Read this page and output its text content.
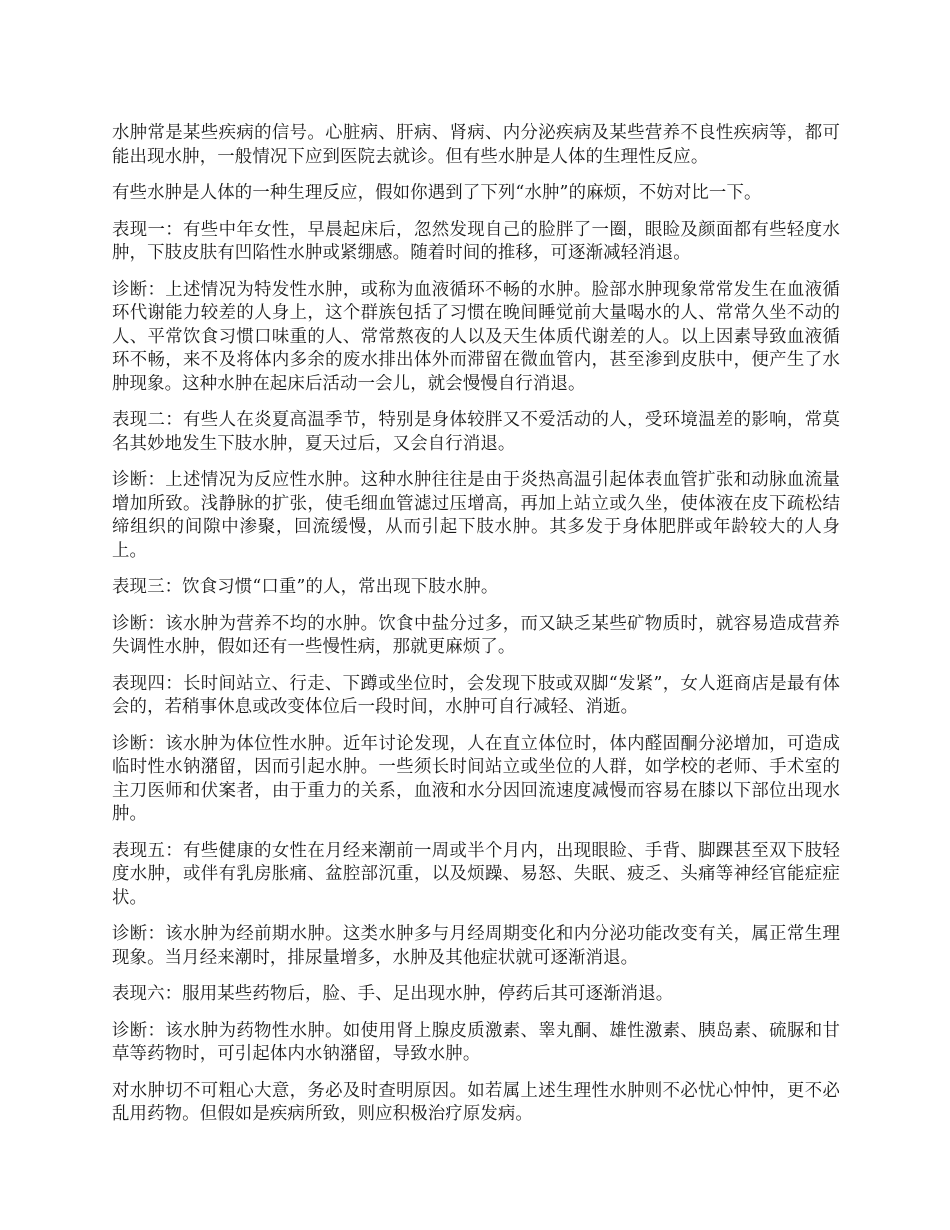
水肿常是某些疾病的信号。心脏病、肝病、肾病、内分泌疾病及某些营养不良性疾病等，都可能出现水肿，一般情况下应到医院去就诊。但有些水肿是人体的生理性反应。

有些水肿是人体的一种生理反应，假如你遇到了下列“水肿”的麻烦，不妨对比一下。

表现一：有些中年女性，早晨起床后，忽然发现自己的脸胖了一圈，眼睑及颜面都有些轻度水肿，下肢皮肤有凹陷性水肿或紧绷感。随着时间的推移，可逐渐减轻消退。

诊断：上述情况为特发性水肿，或称为血液循环不畅的水肿。脸部水肿现象常常发生在血液循环代谢能力较差的人身上，这个群族包括了习惯在晚间睡觉前大量喝水的人、常常久坐不动的人、平常饮食习惯口味重的人、常常熬夜的人以及天生体质代谢差的人。以上因素导致血液循环不畅，来不及将体内多余的废水排出体外而滞留在微血管内，甚至渗到皮肤中，便产生了水肿现象。这种水肿在起床后活动一会儿，就会慢慢自行消退。

表现二：有些人在炎夏高温季节，特别是身体较胖又不爱活动的人，受环境温差的影响，常莫名其妙地发生下肢水肿，夏天过后，又会自行消退。

诊断：上述情况为反应性水肿。这种水肿往往是由于炎热高温引起体表血管扩张和动脉血流量增加所致。浅静脉的扩张，使毛细血管滤过压增高，再加上站立或久坐，使体液在皮下疏松结缔组织的间隙中渗聚，回流缓慢，从而引起下肢水肿。其多发于身体肥胖或年龄较大的人身上。

表现三：饮食习惯“口重”的人，常出现下肢水肿。

诊断：该水肿为营养不均的水肿。饮食中盐分过多，而又缺乏某些矿物质时，就容易造成营养失调性水肿，假如还有一些慢性病，那就更麻烦了。

表现四：长时间站立、行走、下蹲或坐位时，会发现下肢或双脚“发紧”，女人逛商店是最有体会的，若稍事休息或改变体位后一段时间，水肿可自行减轻、消逝。

诊断：该水肿为体位性水肿。近年讨论发现，人在直立体位时，体内醛固酮分泌增加，可造成临时性水钠潴留，因而引起水肿。一些须长时间站立或坐位的人群，如学校的老师、手术室的主刀医师和伏案者，由于重力的关系，血液和水分因回流速度减慢而容易在膝以下部位出现水肿。

表现五：有些健康的女性在月经来潮前一周或半个月内，出现眼睑、手背、脚踝甚至双下肢轻度水肿，或伴有乳房胀痛、盆腔部沉重，以及烦躁、易怒、失眠、疲乏、头痛等神经官能症症状。

诊断：该水肿为经前期水肿。这类水肿多与月经周期变化和内分泌功能改变有关，属正常生理现象。当月经来潮时，排尿量增多，水肿及其他症状就可逐渐消退。

表现六：服用某些药物后，脸、手、足出现水肿，停药后其可逐渐消退。

诊断：该水肿为药物性水肿。如使用肾上腺皮质激素、睾丸酮、雄性激素、胰岛素、硫脲和甘草等药物时，可引起体内水钠潴留，导致水肿。

对水肿切不可粗心大意，务必及时查明原因。如若属上述生理性水肿则不必忧心忡忡，更不必乱用药物。但假如是疾病所致，则应积极治疗原发病。
